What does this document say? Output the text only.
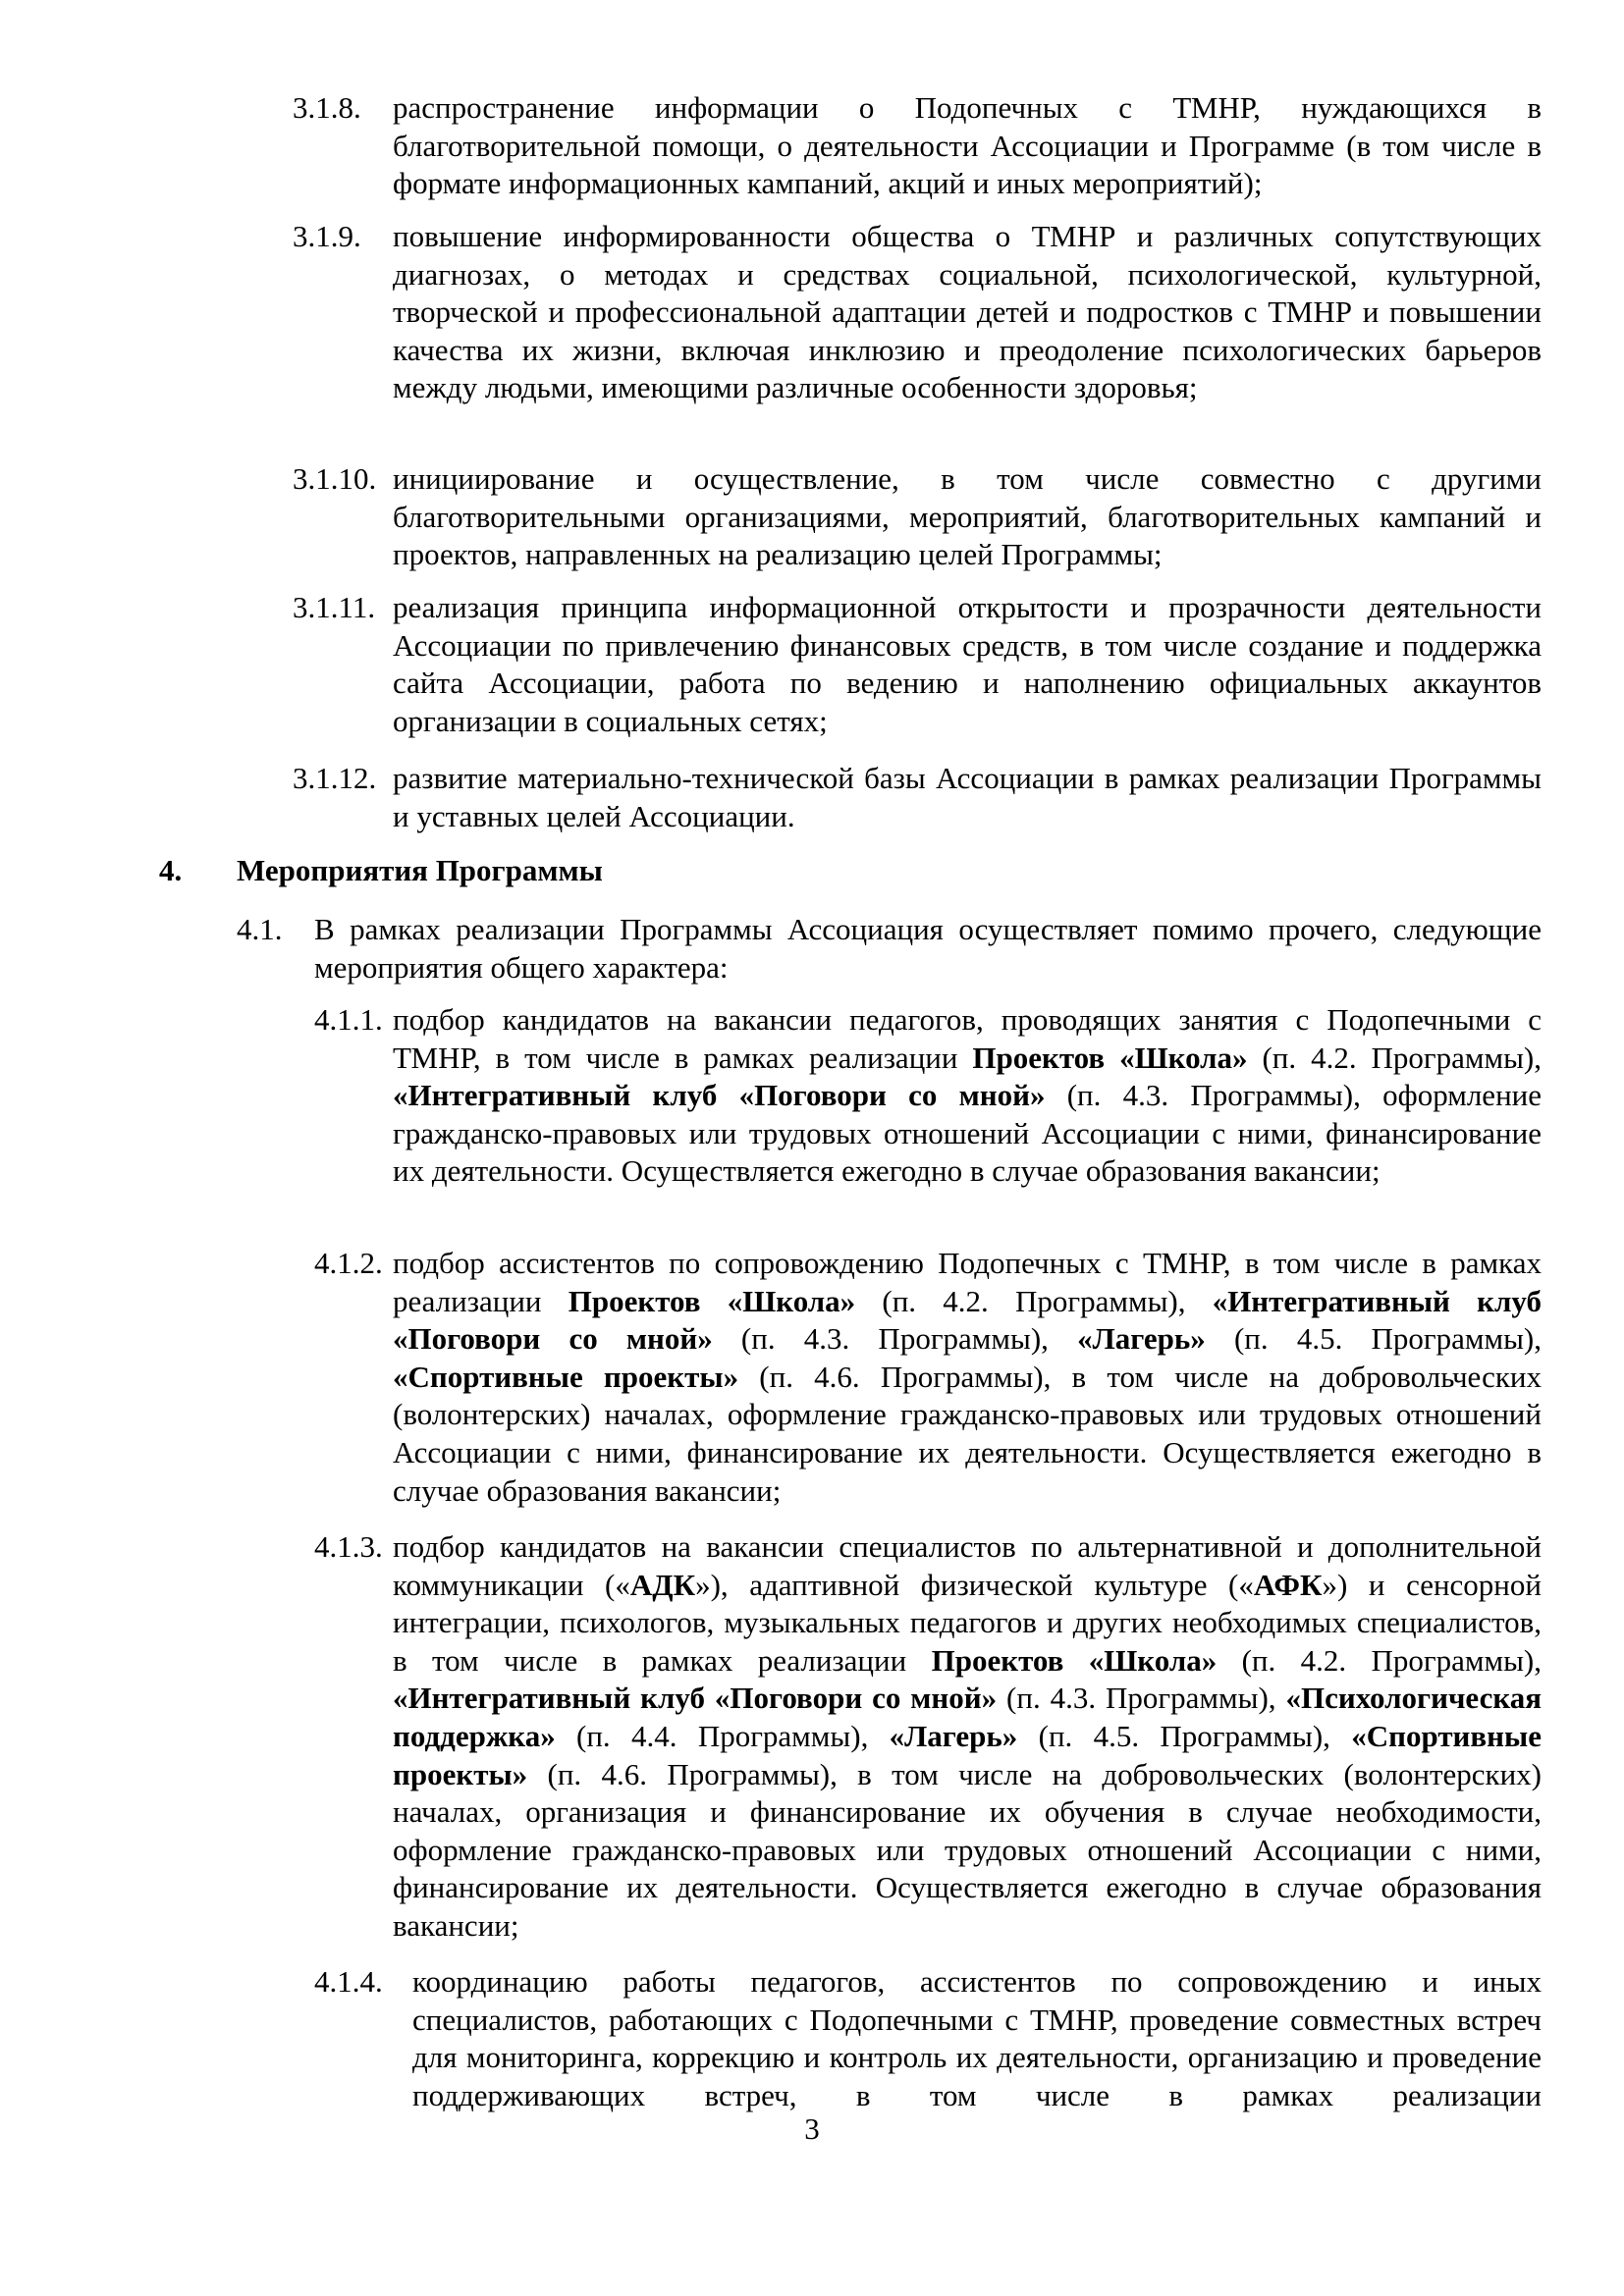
3.1.8. распространение информации о Подопечных с ТМНР, нуждающихся в благотворительной помощи, о деятельности Ассоциации и Программе (в том числе в формате информационных кампаний, акций и иных мероприятий);
3.1.9. повышение информированности общества о ТМНР и различных сопутствующих диагнозах, о методах и средствах социальной, психологической, культурной, творческой и профессиональной адаптации детей и подростков с ТМНР и повышении качества их жизни, включая инклюзию и преодоление психологических барьеров между людьми, имеющими различные особенности здоровья;
3.1.10. инициирование и осуществление, в том числе совместно с другими благотворительными организациями, мероприятий, благотворительных кампаний и проектов, направленных на реализацию целей Программы;
3.1.11. реализация принципа информационной открытости и прозрачности деятельности Ассоциации по привлечению финансовых средств, в том числе создание и поддержка сайта Ассоциации, работа по ведению и наполнению официальных аккаунтов организации в социальных сетях;
3.1.12. развитие материально-технической базы Ассоциации в рамках реализации Программы и уставных целей Ассоциации.
4. Мероприятия Программы
4.1. В рамках реализации Программы Ассоциация осуществляет помимо прочего, следующие мероприятия общего характера:
4.1.1. подбор кандидатов на вакансии педагогов, проводящих занятия с Подопечными с ТМНР, в том числе в рамках реализации Проектов «Школа» (п. 4.2. Программы), «Интегративный клуб «Поговори со мной» (п. 4.3. Программы), оформление гражданско-правовых или трудовых отношений Ассоциации с ними, финансирование их деятельности. Осуществляется ежегодно в случае образования вакансии;
4.1.2. подбор ассистентов по сопровождению Подопечных с ТМНР, в том числе в рамках реализации Проектов «Школа» (п. 4.2. Программы), «Интегративный клуб «Поговори со мной» (п. 4.3. Программы), «Лагерь» (п. 4.5. Программы), «Спортивные проекты» (п. 4.6. Программы), в том числе на добровольческих (волонтерских) началах, оформление гражданско-правовых или трудовых отношений Ассоциации с ними, финансирование их деятельности. Осуществляется ежегодно в случае образования вакансии;
4.1.3. подбор кандидатов на вакансии специалистов по альтернативной и дополнительной коммуникации («АДК»), адаптивной физической культуре («АФК») и сенсорной интеграции, психологов, музыкальных педагогов и других необходимых специалистов, в том числе в рамках реализации Проектов «Школа» (п. 4.2. Программы), «Интегративный клуб «Поговори со мной» (п. 4.3. Программы), «Психологическая поддержка» (п. 4.4. Программы), «Лагерь» (п. 4.5. Программы), «Спортивные проекты» (п. 4.6. Программы), в том числе на добровольческих (волонтерских) началах, организация и финансирование их обучения в случае необходимости, оформление гражданско-правовых или трудовых отношений Ассоциации с ними, финансирование их деятельности. Осуществляется ежегодно в случае образования вакансии;
4.1.4. координацию работы педагогов, ассистентов по сопровождению и иных специалистов, работающих с Подопечными с ТМНР, проведение совместных встреч для мониторинга, коррекцию и контроль их деятельности, организацию и проведение поддерживающих встреч, в том числе в рамках реализации
3
